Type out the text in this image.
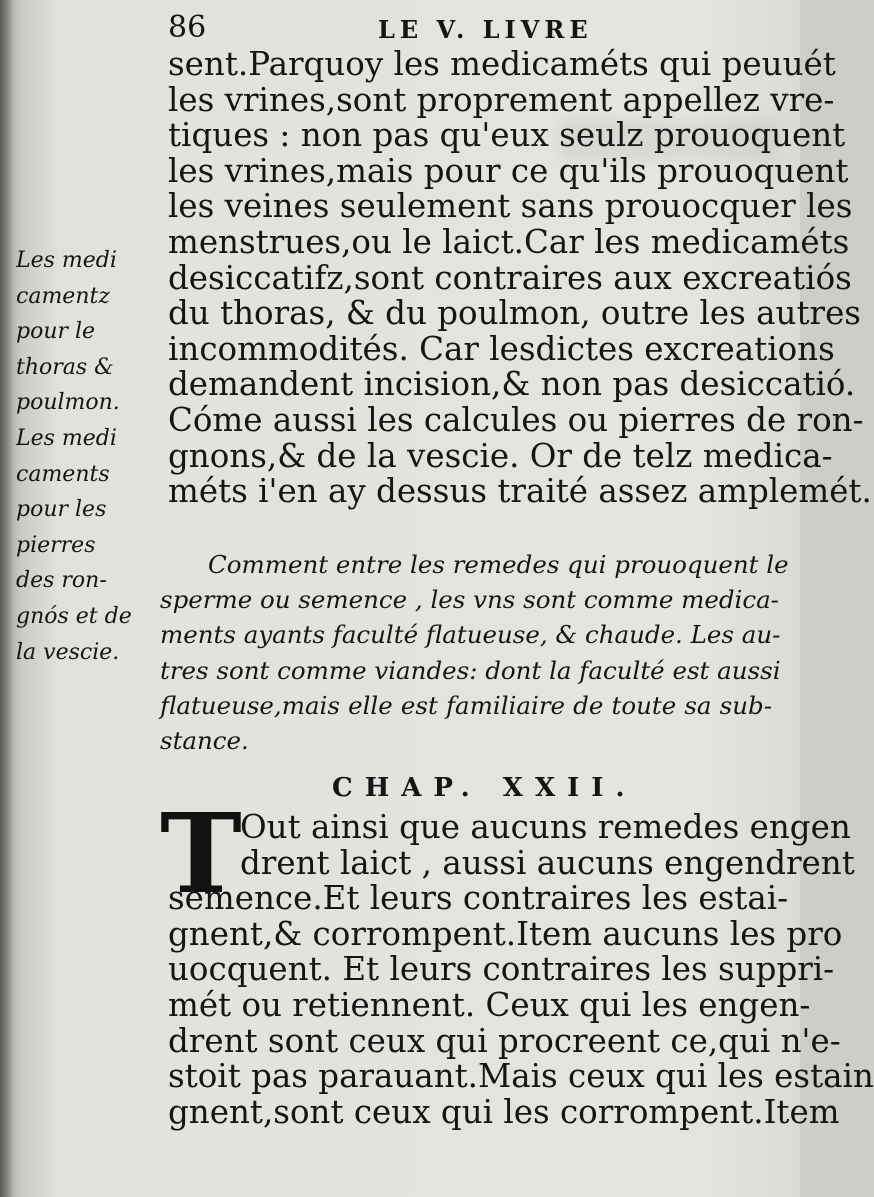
86	LE V. LIVRE
sent.Parquoy les medicaméts qui peuuét
les vrines,sont proprement appellez vre-
tiques : non pas qu'eux seulz prouoquent
les vrines,mais pour ce qu'ils prouoquent
les veines seulement sans prouocquer les
menstrues,ou le laict.Car les medicaméts
desiccatifz,sont contraires aux excreatiós
du thoras, & du poulmon, outre les autres
incommodités. Car lesdictes excreations
demandent incision,& non pas desiccatió.
Cóme aussi les calcules ou pierres de ron-
gnons,& de la vescie. Or de telz medica-
méts i'en ay dessus traité assez amplemét.
Les medi
camentz
pour le
thoras &
poulmon.
Les medi
caments
pour les
pierres
des ron-
gnós et de
la vescie.
Comment entre les remedes qui prouoquent le
sperme ou semence , les vns sont comme medica-
ments ayants faculté flatueuse, & chaude. Les au-
tres sont comme viandes: dont la faculté est aussi
flatueuse,mais elle est familiaire de toute sa sub-
stance.
CHAP. XXII.
T
Out ainsi que aucuns remedes engen
drent laict , aussi aucuns engendrent
semence.Et leurs contraires les estai-
gnent,& corrompent.Item aucuns les pro
uocquent. Et leurs contraires les suppri-
mét ou retiennent. Ceux qui les engen-
drent sont ceux qui procreent ce,qui n'e-
stoit pas parauant.Mais ceux qui les estain
gnent,sont ceux qui les corrompent.Item
